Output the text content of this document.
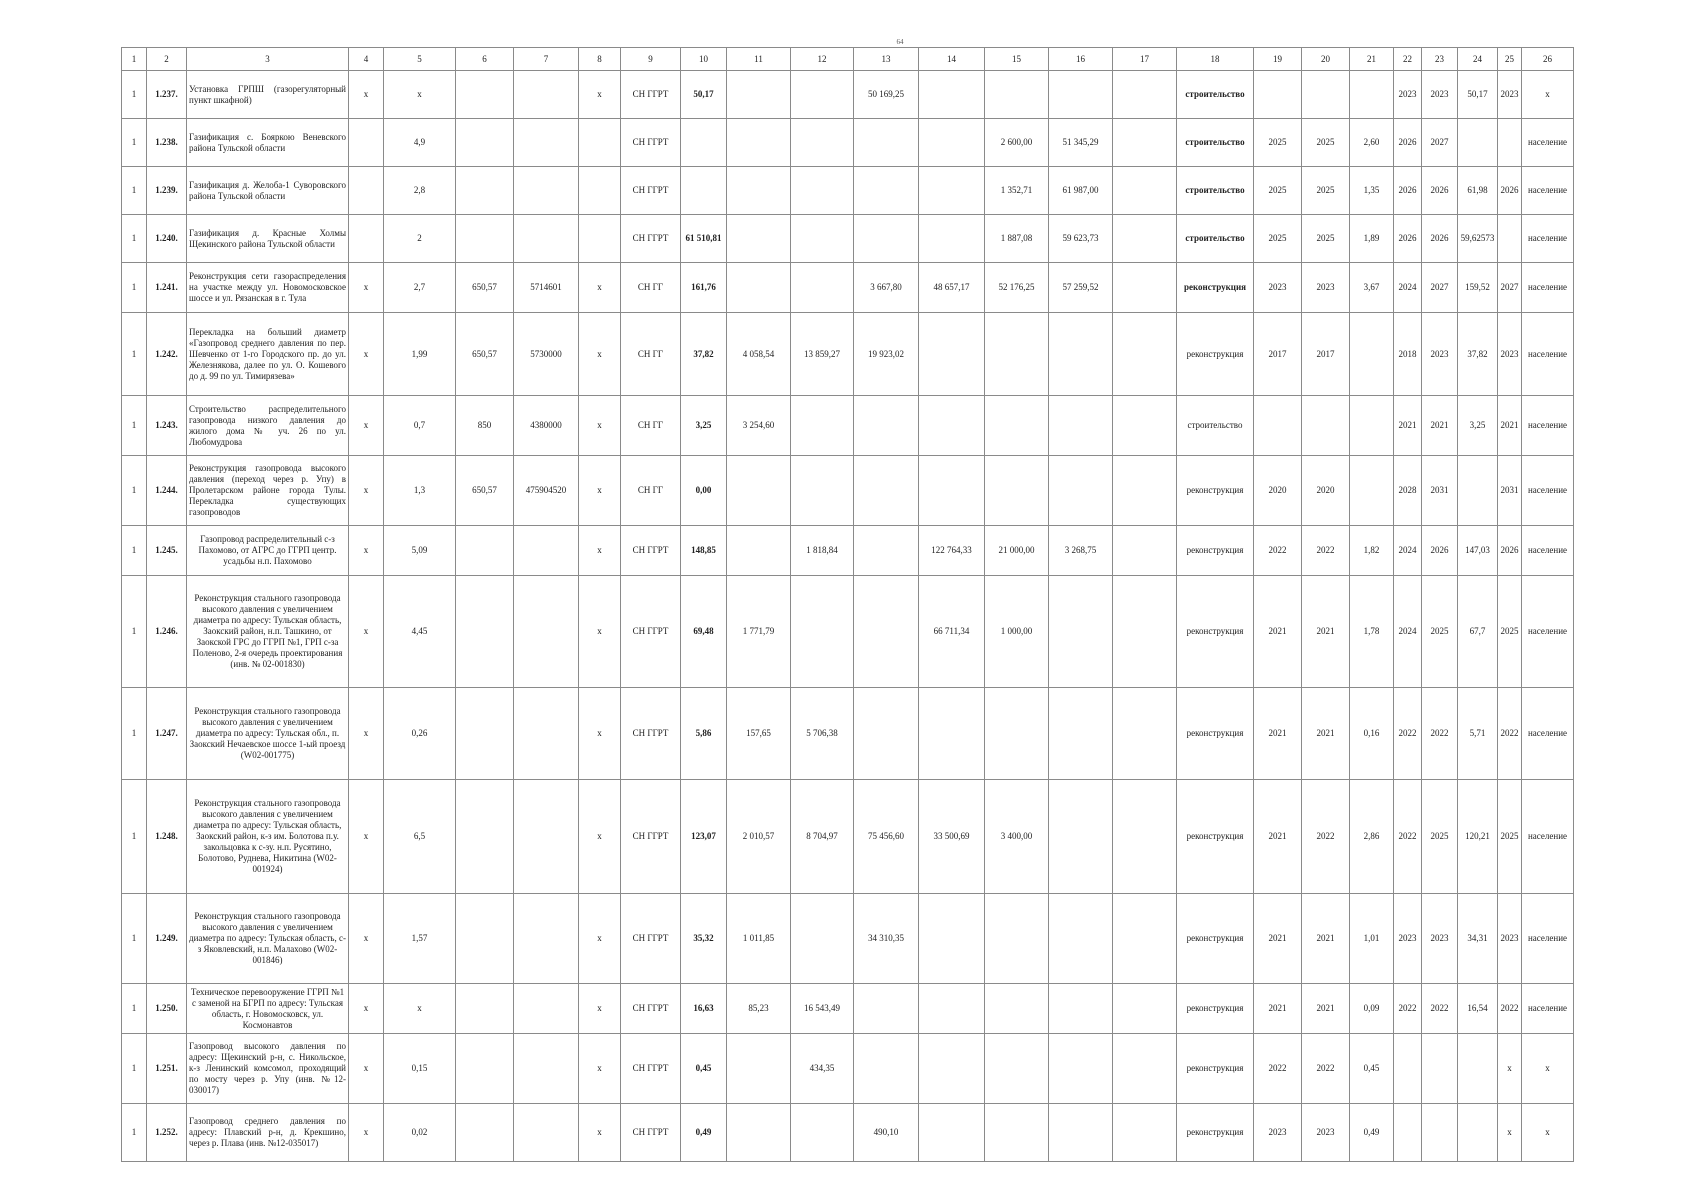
64
1	2	3	4	5	6	7	8	9	10	11	12	13	14	15	16	17	18	19	20	21	22	23	24	25	26
1	1.237.	Установка ГРПШ (газорегуляторный пункт шкафной)	x	x			x	СН ГГРТ	50,17			50 169,25					строительство				2023	2023	50,17	2023	x
1	1.238.	Газификация с. Бояркою Веневского района Тульской области		4,9				СН ГГРТ						2 600,00	51 345,29		строительство	2025	2025	2,60	2026	2027			население
1	1.239.	Газификация д. Желоба-1 Суворовского района Тульской области		2,8				СН ГГРТ						1 352,71	61 987,00		строительство	2025	2025	1,35	2026	2026	61,98	2026	население
1	1.240.	Газификация д. Красные Холмы Щекинского района Тульской области		2				СН ГГРТ	61 510,81					1 887,08	59 623,73		строительство	2025	2025	1,89	2026	2026	59,62573		население
1	1.241.	Реконструкция сети газораспределения на участке между ул. Новомосковское шоссе и ул. Рязанская в г. Тула	x	2,7	650,57	5714601	x	СН ГГ	161,76			3 667,80	48 657,17	52 176,25	57 259,52		реконструкция	2023	2023	3,67	2024	2027	159,52	2027	население
1	1.242.	Перекладка на больший диаметр «Газопровод среднего давления по пер. Шевченко от 1-го Городского пр. до ул. Железнякова, далее по ул. О. Кошевого до д. 99 по ул. Тимирязева»	x	1,99	650,57	5730000	x	СН ГГ	37,82	4 058,54	13 859,27	19 923,02					реконструкция	2017	2017		2018	2023	37,82	2023	население
1	1.243.	Строительство распределительного газопровода низкого давления до жилого дома № уч. 26 по ул. Любомудрова	x	0,7	850	4380000	x	СН ГГ	3,25	3 254,60							строительство				2021	2021	3,25	2021	население
1	1.244.	Реконструкция газопровода высокого давления (переход через р. Упу) в Пролетарском районе города Тулы. Перекладка существующих газопроводов	x	1,3	650,57	475904520	x	СН ГГ	0,00								реконструкция	2020	2020		2028	2031		2031	население
1	1.245.	Газопровод распределительный с-з Пахомово, от АГРС до ГГРП центр. усадьбы н.п. Пахомово	x	5,09			x	СН ГГРТ	148,85		1 818,84		122 764,33	21 000,00	3 268,75		реконструкция	2022	2022	1,82	2024	2026	147,03	2026	население
1	1.246.	Реконструкция стального газопровода высокого давления с увеличением диаметра по адресу: Тульская область, Заокский район, н.п. Ташкино, от Заокской ГРС до ГГРП №1, ГРП с-за Поленово, 2-я очередь проектирования (инв. № 02-001830)	x	4,45			x	СН ГГРТ	69,48	1 771,79			66 711,34	1 000,00			реконструкция	2021	2021	1,78	2024	2025	67,7	2025	население
1	1.247.	Реконструкция стального газопровода высокого давления с увеличением диаметра по адресу: Тульская обл., п. Заокский Нечаевское шоссе 1-ый проезд (W02-001775)	x	0,26			x	СН ГГРТ	5,86	157,65	5 706,38						реконструкция	2021	2021	0,16	2022	2022	5,71	2022	население
1	1.248.	Реконструкция стального газопровода высокого давления с увеличением диаметра по адресу: Тульская область, Заокский район, к-з им. Болотова п.у. закольцовка к с-зу. н.п. Русятино, Болотово, Руднева, Никитина (W02-001924)	x	6,5			x	СН ГГРТ	123,07	2 010,57	8 704,97	75 456,60	33 500,69	3 400,00			реконструкция	2021	2022	2,86	2022	2025	120,21	2025	население
1	1.249.	Реконструкция стального газопровода высокого давления с увеличением диаметра по адресу: Тульская область, с-з Яковлевский, н.п. Малахово (W02-001846)	x	1,57			x	СН ГГРТ	35,32	1 011,85		34 310,35					реконструкция	2021	2021	1,01	2023	2023	34,31	2023	население
1	1.250.	Техническое перевооружение ГГРП №1 с заменой на БГРП по адресу: Тульская область, г. Новомосковск, ул. Космонавтов	x	x			x	СН ГГРТ	16,63	85,23	16 543,49						реконструкция	2021	2021	0,09	2022	2022	16,54	2022	население
1	1.251.	Газопровод высокого давления по адресу: Щекинский р-н, с. Никольское, к-з Ленинский комсомол, проходящий по мосту через р. Упу (инв. №12-030017)	x	0,15			x	СН ГГРТ	0,45		434,35						реконструкция	2022	2022	0,45				x	x
1	1.252.	Газопровод среднего давления по адресу: Плавский р-н, д. Крекшино, через р. Плава (инв. №12-035017)	x	0,02			x	СН ГГРТ	0,49			490,10					реконструкция	2023	2023	0,49				x	x
